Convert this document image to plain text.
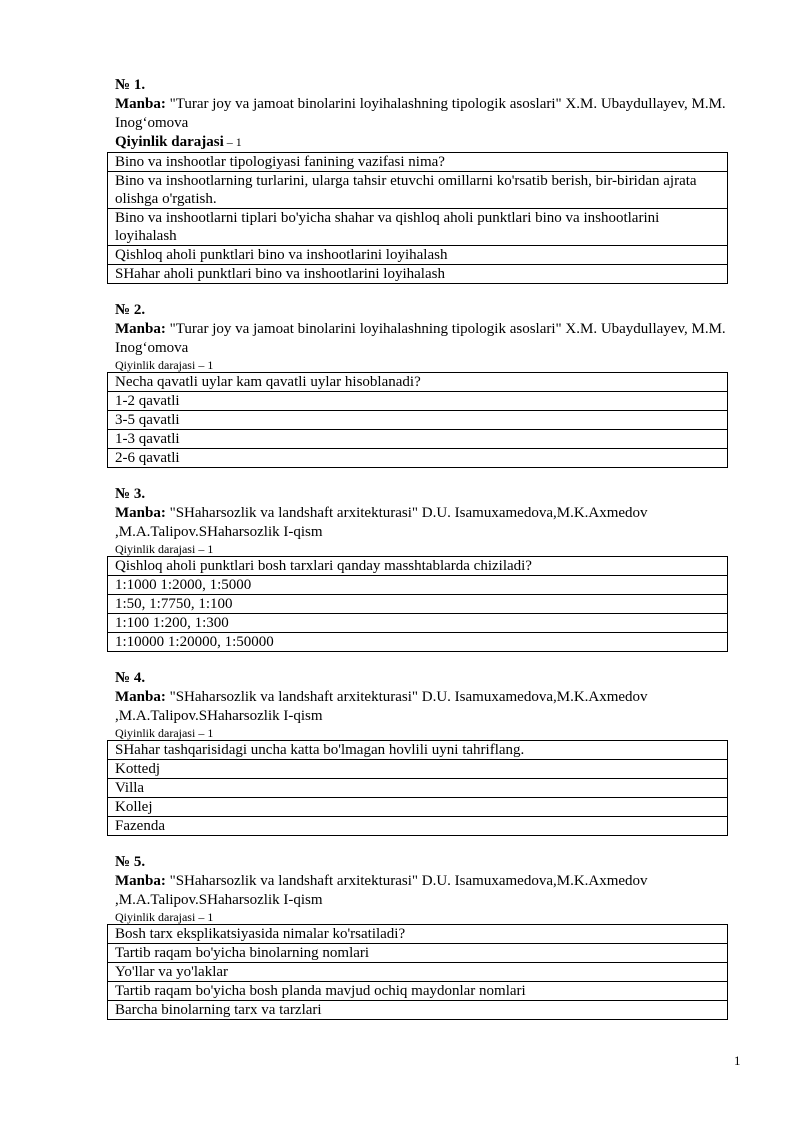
№ 1.
Manba: "Turar joy va jamoat binolarini loyihalashning tipologik asoslari" X.M. Ubaydullayev, M.M. Inog‘omova
Qiyinlik darajasi – 1
Bino va inshootlar tipologiyasi fanining vazifasi nima?
Bino va inshootlarning turlarini, ularga tahsir etuvchi omillarni ko'rsatib berish, bir-biridan ajrata olishga o'rgatish.
Bino va inshootlarni tiplari bo'yicha shahar va qishloq aholi punktlari bino va inshootlarini loyihalash
Qishloq aholi punktlari bino va inshootlarini loyihalash
SHahar aholi punktlari bino va inshootlarini loyihalash
№ 2.
Manba: "Turar joy va jamoat binolarini loyihalashning tipologik asoslari" X.M. Ubaydullayev, M.M. Inog‘omova
Qiyinlik darajasi – 1
Necha qavatli uylar kam qavatli uylar hisoblanadi?
1-2 qavatli
3-5 qavatli
1-3 qavatli
2-6 qavatli
№ 3.
Manba: "SHaharsozlik va landshaft arxitekturasi" D.U. Isamuxamedova,M.K.Axmedov ,M.A.Talipov.SHaharsozlik I-qism
Qiyinlik darajasi – 1
Qishloq aholi punktlari bosh tarxlari qanday masshtablarda chiziladi?
1:1000 1:2000, 1:5000
1:50, 1:7750, 1:100
1:100 1:200, 1:300
1:10000 1:20000, 1:50000
№ 4.
Manba: "SHaharsozlik va landshaft arxitekturasi" D.U. Isamuxamedova,M.K.Axmedov ,M.A.Talipov.SHaharsozlik I-qism
Qiyinlik darajasi – 1
SHahar tashqarisidagi uncha katta bo'lmagan hovlili uyni tahriflang.
Kottedj
Villa
Kollej
Fazenda
№ 5.
Manba: "SHaharsozlik va landshaft arxitekturasi" D.U. Isamuxamedova,M.K.Axmedov ,M.A.Talipov.SHaharsozlik I-qism
Qiyinlik darajasi – 1
Bosh tarx eksplikatsiyasida nimalar ko'rsatiladi?
Tartib raqam bo'yicha binolarning nomlari
Yo'llar va yo'laklar
Tartib raqam bo'yicha bosh planda mavjud ochiq maydonlar nomlari
Barcha binolarning tarx va tarzlari
1
